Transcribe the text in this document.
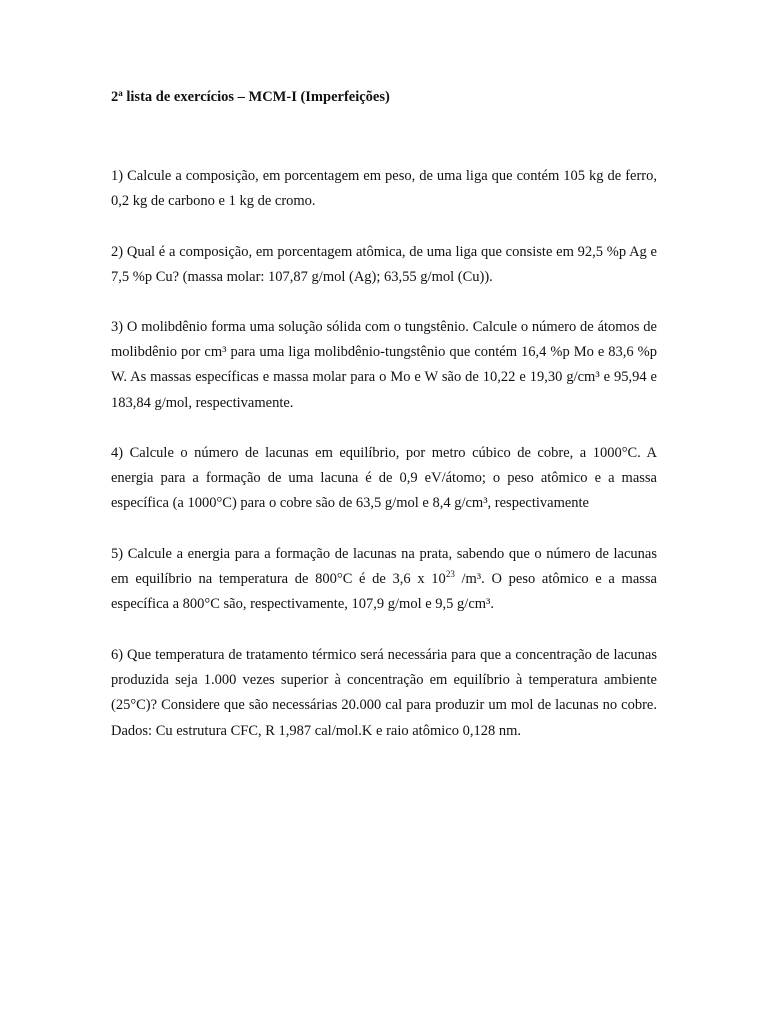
2$^a$ lista de exercícios – MCM-I (Imperfeições)

1) Calcule a composição, em porcentagem em peso, de uma liga que contém 105 kg de ferro, 0,2 kg de carbono e 1 kg de cromo.

2) Qual é a composição, em porcentagem atômica, de uma liga que consiste em 92,5 %p Ag e 7,5 %p Cu? (massa molar: 107,87 g/mol (Ag); 63,55 g/mol (Cu)).

3) O molibdênio forma uma solução sólida com o tungstênio. Calcule o número de átomos de molibdênio por cm³ para uma liga molibdênio-tungstênio que contém 16,4 %p Mo e 83,6 %p W. As massas específicas e massa molar para o Mo e W são de 10,22 e 19,30 g/cm³ e 95,94 e 183,84 g/mol, respectivamente.

4) Calcule o número de lacunas em equilíbrio, por metro cúbico de cobre, a 1000°C. A energia para a formação de uma lacuna é de 0,9 eV/átomo; o peso atômico e a massa específica (a 1000°C) para o cobre são de 63,5 g/mol e 8,4 g/cm³, respectivamente

5) Calcule a energia para a formação de lacunas na prata, sabendo que o número de lacunas em equilíbrio na temperatura de 800°C é de 3,6 x $10^{23}$ /m³. O peso atômico e a massa específica a 800°C são, respectivamente, 107,9 g/mol e 9,5 g/cm³.

6) Que temperatura de tratamento térmico será necessária para que a concentração de lacunas produzida seja 1.000 vezes superior à concentração em equilíbrio à temperatura ambiente (25°C)? Considere que são necessárias 20.000 cal para produzir um mol de lacunas no cobre. Dados: Cu estrutura CFC, R 1,987 cal/mol.K e raio atômico 0,128 nm.
